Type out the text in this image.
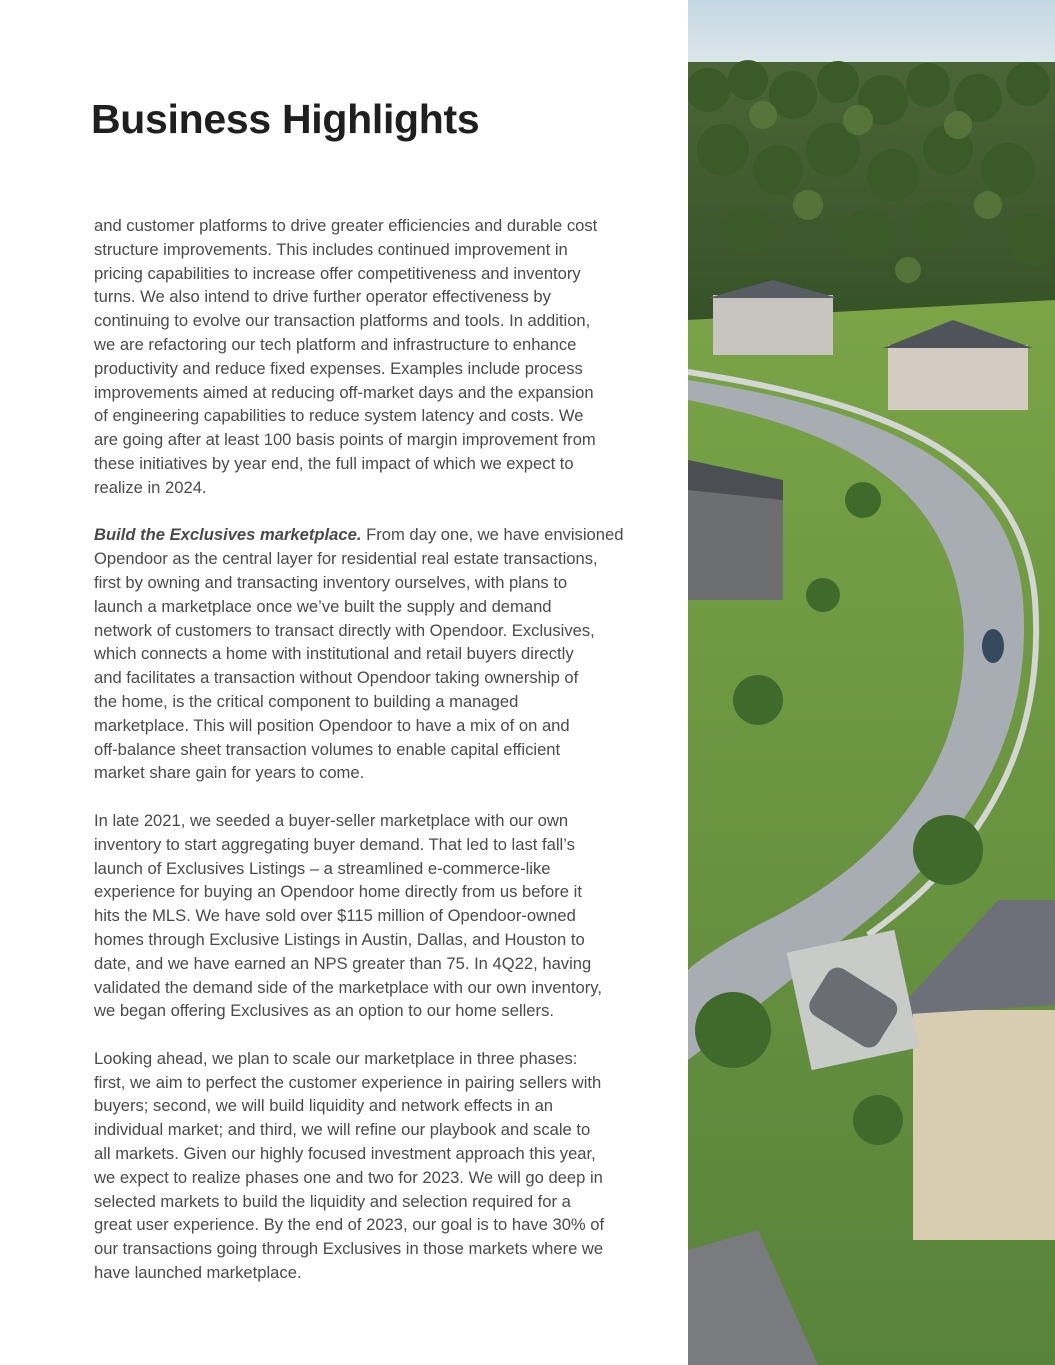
Business Highlights

and customer platforms to drive greater efficiencies and durable cost
structure improvements. This includes continued improvement in
pricing capabilities to increase offer competitiveness and inventory
turns. We also intend to drive further operator effectiveness by
continuing to evolve our transaction platforms and tools. In addition,
we are refactoring our tech platform and infrastructure to enhance
productivity and reduce fixed expenses. Examples include process
improvements aimed at reducing off-market days and the expansion
of engineering capabilities to reduce system latency and costs. We
are going after at least 100 basis points of margin improvement from
these initiatives by year end, the full impact of which we expect to
realize in 2024.

Build the Exclusives marketplace. From day one, we have envisioned
Opendoor as the central layer for residential real estate transactions,
first by owning and transacting inventory ourselves, with plans to
launch a marketplace once we’ve built the supply and demand
network of customers to transact directly with Opendoor. Exclusives,
which connects a home with institutional and retail buyers directly
and facilitates a transaction without Opendoor taking ownership of
the home, is the critical component to building a managed
marketplace. This will position Opendoor to have a mix of on and
off-balance sheet transaction volumes to enable capital efficient
market share gain for years to come.

In late 2021, we seeded a buyer-seller marketplace with our own
inventory to start aggregating buyer demand. That led to last fall’s
launch of Exclusives Listings – a streamlined e-commerce-like
experience for buying an Opendoor home directly from us before it
hits the MLS. We have sold over $115 million of Opendoor-owned
homes through Exclusive Listings in Austin, Dallas, and Houston to
date, and we have earned an NPS greater than 75. In 4Q22, having
validated the demand side of the marketplace with our own inventory,
we began offering Exclusives as an option to our home sellers.

Looking ahead, we plan to scale our marketplace in three phases:
first, we aim to perfect the customer experience in pairing sellers with
buyers; second, we will build liquidity and network effects in an
individual market; and third, we will refine our playbook and scale to
all markets. Given our highly focused investment approach this year,
we expect to realize phases one and two for 2023. We will go deep in
selected markets to build the liquidity and selection required for a
great user experience. By the end of 2023, our goal is to have 30% of
our transactions going through Exclusives in those markets where we
have launched marketplace.
